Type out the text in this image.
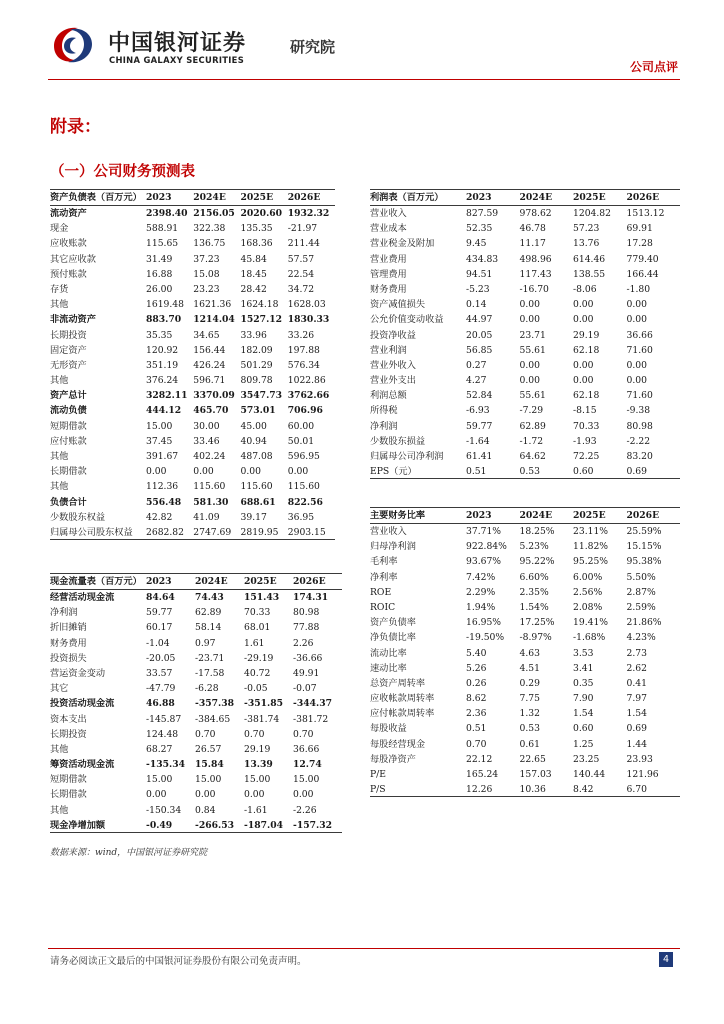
中国银河证券
CHINA GALAXY SECURITIES
研究院
公司点评
附录：
（一）公司财务预测表
资产负债表（百万元） 2023	2024E	2025E	2026E
流动资产	2398.40 2156.05 2020.60 1932.32
现金	588.91	322.38	135.35	-21.97
应收账款	115.65	136.75	168.36	211.44
其它应收款	31.49	37.23	45.84	57.57
预付账款	16.88	15.08	18.45	22.54
存货	26.00	23.23	28.42	34.72
其他	1619.48	1621.36	1624.18	1628.03
非流动资产	883.70	1214.04 1527.12 1830.33
长期投资	35.35	34.65	33.96	33.26
固定资产	120.92	156.44	182.09	197.88
无形资产	351.19	426.24	501.29	576.34
其他	376.24	596.71	809.78	1022.86
资产总计	3282.11 3370.09 3547.73 3762.66
流动负债	444.12	465.70	573.01	706.96
短期借款	15.00	30.00	45.00	60.00
应付账款	37.45	33.46	40.94	50.01
其他	391.67	402.24	487.08	596.95
长期借款	0.00	0.00	0.00	0.00
其他	112.36	115.60	115.60	115.60
负债合计	556.48	581.30	688.61	822.56
少数股东权益	42.82	41.09	39.17	36.95
归属母公司股东权益	2682.82	2747.69	2819.95	2903.15
利润表（百万元）	2023	2024E	2025E	2026E
营业收入	827.59	978.62	1204.82	1513.12
营业成本	52.35	46.78	57.23	69.91
营业税金及附加	9.45	11.17	13.76	17.28
营业费用	434.83	498.96	614.46	779.40
管理费用	94.51	117.43	138.55	166.44
财务费用	-5.23	-16.70	-8.06	-1.80
资产减值损失	0.14	0.00	0.00	0.00
公允价值变动收益	44.97	0.00	0.00	0.00
投资净收益	20.05	23.71	29.19	36.66
营业利润	56.85	55.61	62.18	71.60
营业外收入	0.27	0.00	0.00	0.00
营业外支出	4.27	0.00	0.00	0.00
利润总额	52.84	55.61	62.18	71.60
所得税	-6.93	-7.29	-8.15	-9.38
净利润	59.77	62.89	70.33	80.98
少数股东损益	-1.64	-1.72	-1.93	-2.22
归属母公司净利润	61.41	64.62	72.25	83.20
EPS（元）	0.51	0.53	0.60	0.69
主要财务比率	2023	2024E	2025E	2026E
营业收入	37.71%	18.25%	23.11%	25.59%
归母净利润	922.84%	5.23%	11.82%	15.15%
毛利率	93.67%	95.22%	95.25%	95.38%
净利率	7.42%	6.60%	6.00%	5.50%
ROE	2.29%	2.35%	2.56%	2.87%
ROIC	1.94%	1.54%	2.08%	2.59%
资产负债率	16.95%	17.25%	19.41%	21.86%
净负债比率	-19.50%	-8.97%	-1.68%	4.23%
流动比率	5.40	4.63	3.53	2.73
速动比率	5.26	4.51	3.41	2.62
总资产周转率	0.26	0.29	0.35	0.41
应收帐款周转率	8.62	7.75	7.90	7.97
应付帐款周转率	2.36	1.32	1.54	1.54
每股收益	0.51	0.53	0.60	0.69
每股经营现金	0.70	0.61	1.25	1.44
每股净资产	22.12	22.65	23.25	23.93
P/E	165.24	157.03	140.44	121.96
P/S	12.26	10.36	8.42	6.70
现金流量表（百万元） 2023	2024E	2025E	2026E
经营活动现金流	84.64	74.43	151.43	174.31
净利润	59.77	62.89	70.33	80.98
折旧摊销	60.17	58.14	68.01	77.88
财务费用	-1.04	0.97	1.61	2.26
投资损失	-20.05	-23.71	-29.19	-36.66
营运资金变动	33.57	-17.58	40.72	49.91
其它	-47.79	-6.28	-0.05	-0.07
投资活动现金流	46.88	-357.38	-351.85	-344.37
资本支出	-145.87	-384.65	-381.74	-381.72
长期投资	124.48	0.70	0.70	0.70
其他	68.27	26.57	29.19	36.66
筹资活动现金流	-135.34	15.84	13.39	12.74
短期借款	15.00	15.00	15.00	15.00
长期借款	0.00	0.00	0.00	0.00
其他	-150.34	0.84	-1.61	-2.26
现金净增加额	-0.49	-266.53	-187.04	-157.32
数据来源：wind，中国银河证券研究院
请务必阅读正文最后的中国银河证券股份有限公司免责声明。	4
